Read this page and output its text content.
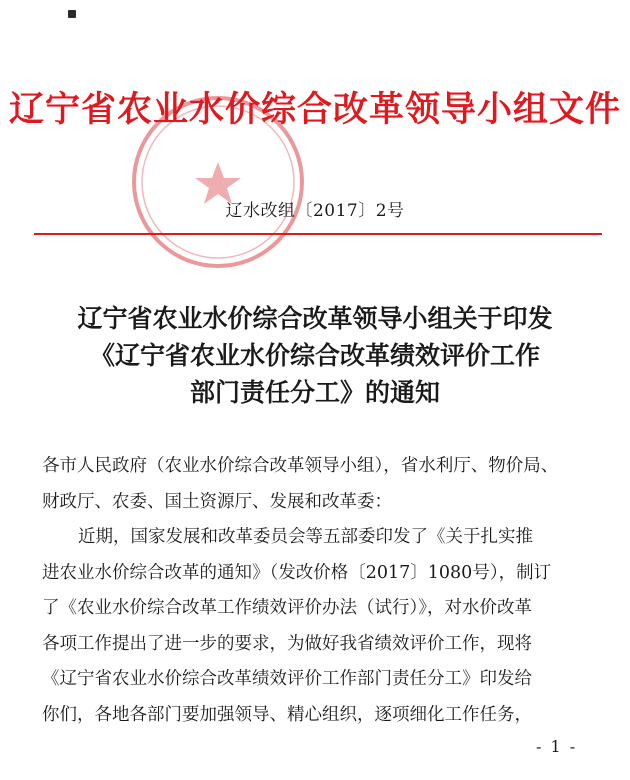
辽宁省农业水价综合改革领导小组文件
辽水改组〔2017〕2号
辽宁省农业水价综合改革领导小组关于印发
《辽宁省农业水价综合改革绩效评价工作
部门责任分工》的通知

各市人民政府（农业水价综合改革领导小组），省水利厅、物价局、

财政厅、农委、国土资源厅、发展和改革委：

近期，国家发展和改革委员会等五部委印发了《关于扎实推

进农业水价综合改革的通知》（发改价格〔2017〕1080号），制订

了《农业水价综合改革工作绩效评价办法（试行）》，对水价改革

各项工作提出了进一步的要求，为做好我省绩效评价工作，现将

《辽宁省农业水价综合改革绩效评价工作部门责任分工》印发给

你们，各地各部门要加强领导、精心组织，逐项细化工作任务，

- 1 -
